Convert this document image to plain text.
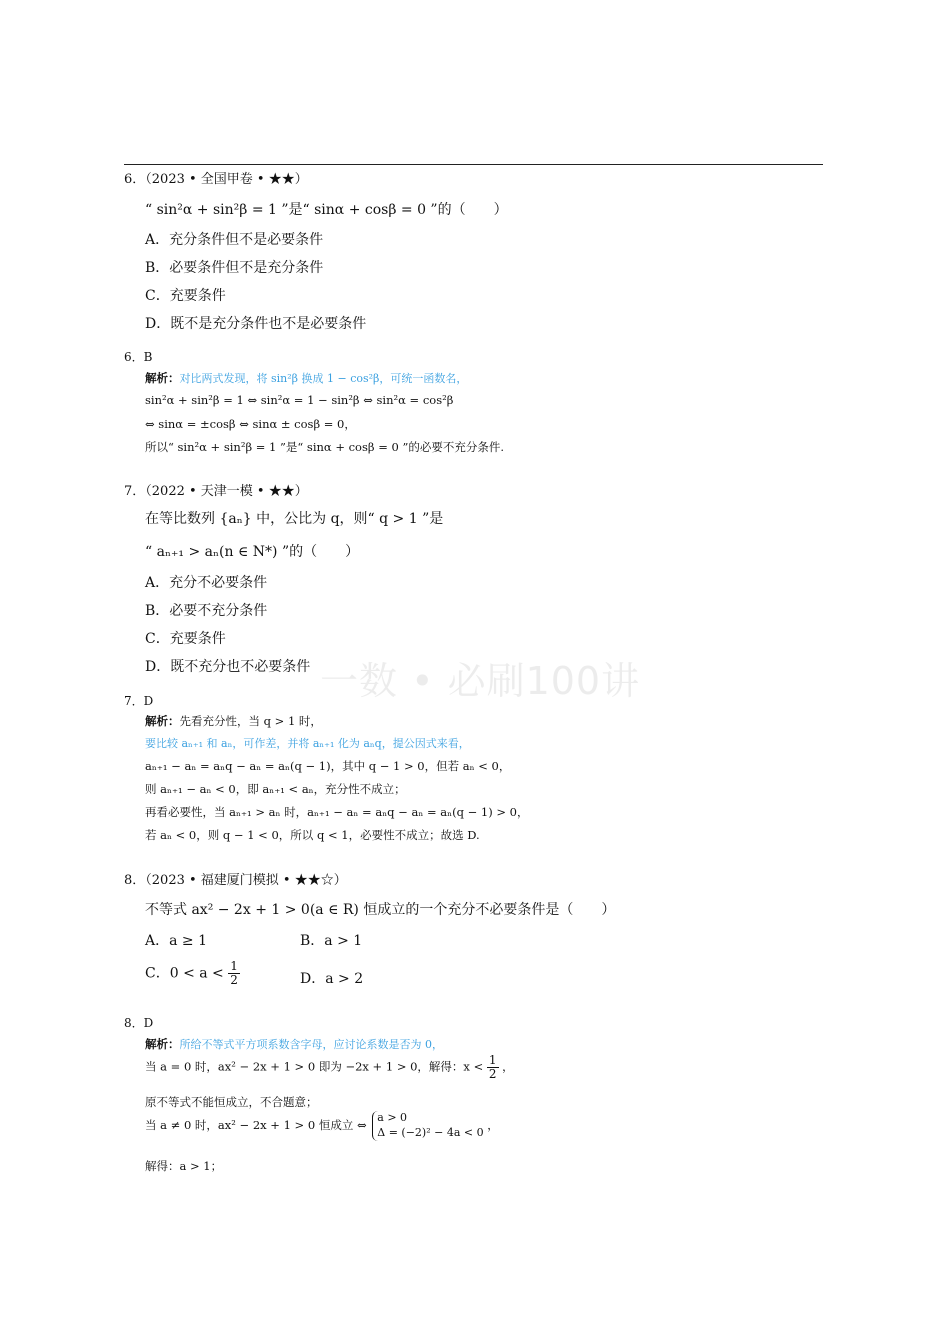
一数 • 必刷100讲
6．（2023 • 全国甲卷 • ★★）
“ sin²α + sin²β = 1 ”是“ sinα + cosβ = 0 ”的（　　）
A．充分条件但不是必要条件
B．必要条件但不是充分条件
C．充要条件
D．既不是充分条件也不是必要条件
6．B
解析：对比两式发现，将 sin²β 换成 1 − cos²β，可统一函数名，
sin²α + sin²β = 1 ⇔ sin²α = 1 − sin²β ⇔ sin²α = cos²β
⇔ sinα = ±cosβ ⇔ sinα ± cosβ = 0，
所以“ sin²α + sin²β = 1 ”是“ sinα + cosβ = 0 ”的必要不充分条件.
7．（2022 • 天津一模 • ★★）
在等比数列 {aₙ} 中，公比为 q，则“ q > 1 ”是
“ aₙ₊₁ > aₙ(n ∈ N*) ”的（　　）
A．充分不必要条件
B．必要不充分条件
C．充要条件
D．既不充分也不必要条件
7．D
解析：先看充分性，当 q > 1 时，
要比较 aₙ₊₁ 和 aₙ，可作差，并将 aₙ₊₁ 化为 aₙq，提公因式来看，
aₙ₊₁ − aₙ = aₙq − aₙ = aₙ(q − 1)，其中 q − 1 > 0，但若 aₙ < 0，
则 aₙ₊₁ − aₙ < 0，即 aₙ₊₁ < aₙ，充分性不成立；
再看必要性，当 aₙ₊₁ > aₙ 时，aₙ₊₁ − aₙ = aₙq − aₙ = aₙ(q − 1) > 0，
若 aₙ < 0，则 q − 1 < 0，所以 q < 1，必要性不成立；故选 D.
8．（2023 • 福建厦门模拟 • ★★☆）
不等式 ax² − 2x + 1 > 0(a ∈ R) 恒成立的一个充分不必要条件是（　　）
A．a ≥ 1	B．a > 1
C．$0 < a < \frac{1}{2}$	D．a > 2
8．D
解析：所给不等式平方项系数含字母，应讨论系数是否为 0，
当 a = 0 时，ax² − 2x + 1 > 0 即为 −2x + 1 > 0，解得：$x < \frac{1}{2}$ ，
原不等式不能恒成立，不合题意；
当 a ≠ 0 时，ax² − 2x + 1 > 0 恒成立 ⇔
a > 0
Δ = (−2)² − 4a < 0
，
解得：a > 1；
